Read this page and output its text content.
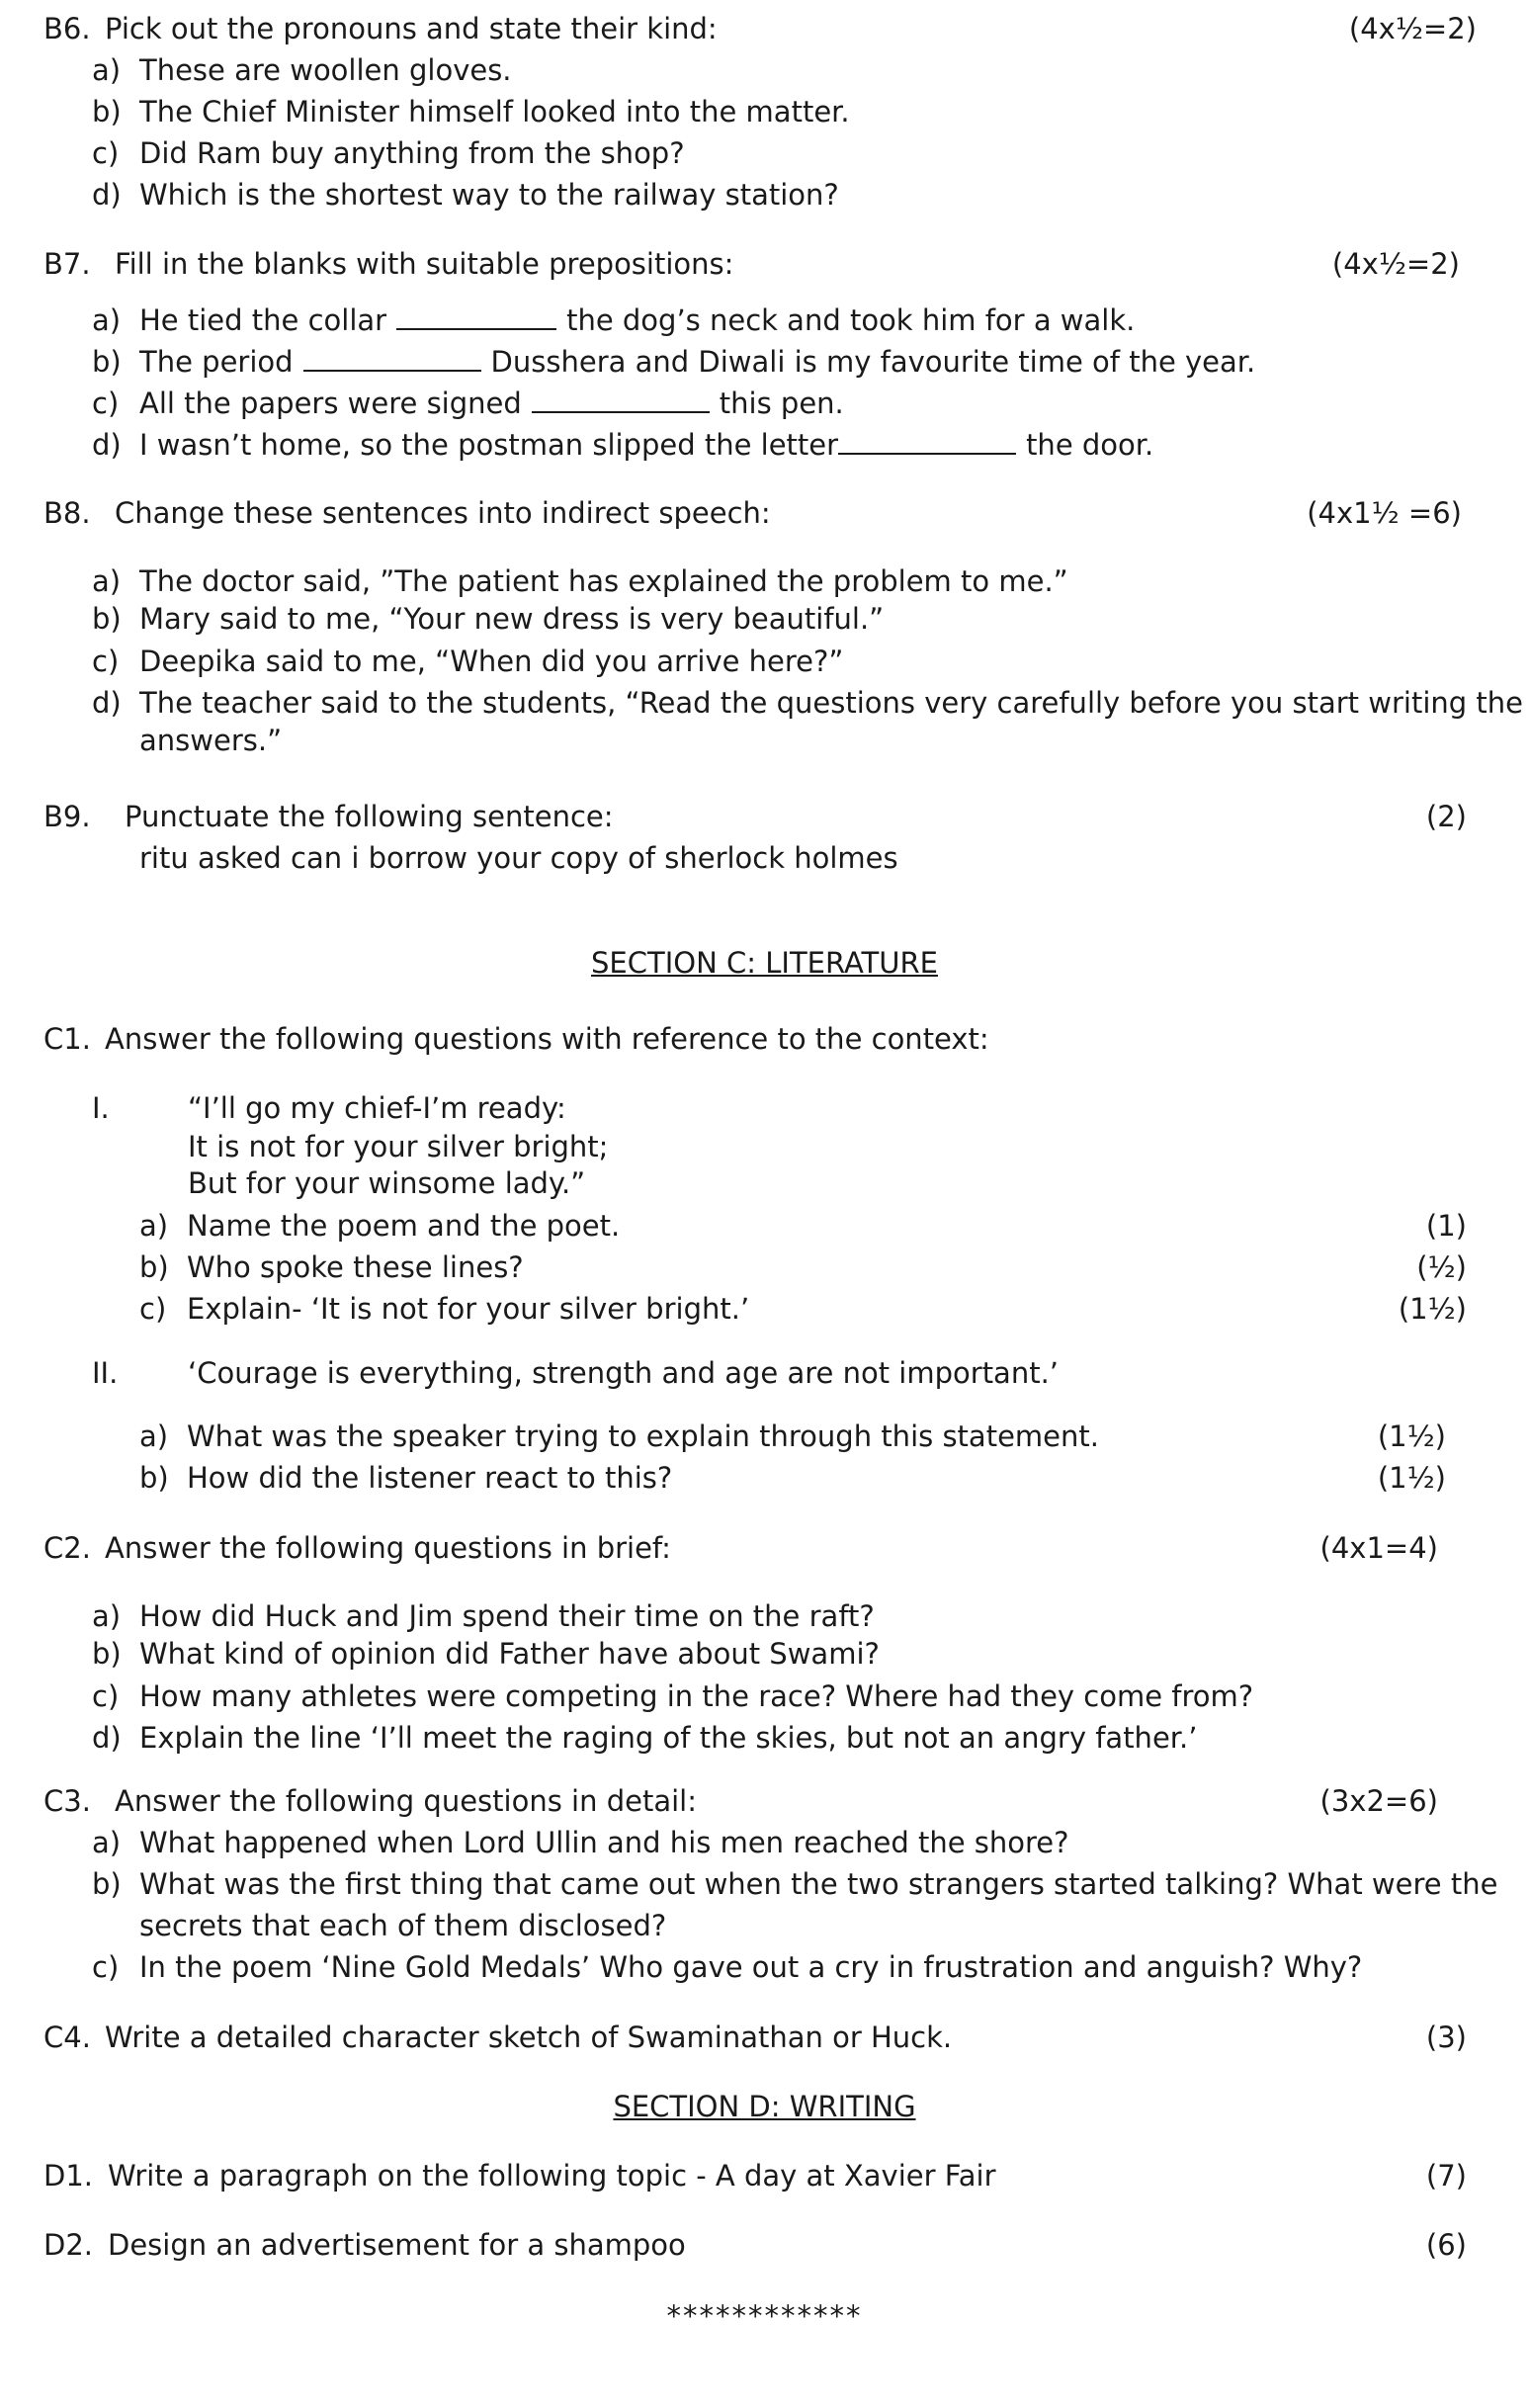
B6. Pick out the pronouns and state their kind:	(4x½=2)
a) These are woollen gloves.
b) The Chief Minister himself looked into the matter.
c) Did Ram buy anything from the shop?
d) Which is the shortest way to the railway station?
B7. Fill in the blanks with suitable prepositions:	(4x½=2)
a) He tied the collar	the dog’s neck and took him for a walk.
b) The period	Dusshera and Diwali is my favourite time of the year.
c) All the papers were signed	this pen.
d) I wasn’t home, so the postman slipped the letter	the door.
B8. Change these sentences into indirect speech:	(4x1½ =6)
a) The doctor said, ”The patient has explained the problem to me.”
b) Mary said to me, “Your new dress is very beautiful.”
c) Deepika said to me, “When did you arrive here?”
d) The teacher said to the students, “Read the questions very carefully before you start writing the
answers.”
B9. Punctuate the following sentence:	(2)
ritu asked can i borrow your copy of sherlock holmes
SECTION C: LITERATURE
C1. Answer the following questions with reference to the context:
I.	“I’ll go my chief-I’m ready:
It is not for your silver bright;
But for your winsome lady.”
a) Name the poem and the poet.	(1)
b) Who spoke these lines?	(½)
c) Explain- ‘It is not for your silver bright.’	(1½)
II. ‘Courage is everything, strength and age are not important.’
a) What was the speaker trying to explain through this statement.	(1½)
b) How did the listener react to this?	(1½)
C2. Answer the following questions in brief:	(4x1=4)
a) How did Huck and Jim spend their time on the raft?
b) What kind of opinion did Father have about Swami?
c) How many athletes were competing in the race? Where had they come from?
d) Explain the line ‘I’ll meet the raging of the skies, but not an angry father.’
C3. Answer the following questions in detail:	(3x2=6)
a) What happened when Lord Ullin and his men reached the shore?
b) What was the first thing that came out when the two strangers started talking? What were the
secrets that each of them disclosed?
c) In the poem ‘Nine Gold Medals’ Who gave out a cry in frustration and anguish? Why?
C4. Write a detailed character sketch of Swaminathan or Huck.	(3)
SECTION D: WRITING
D1. Write a paragraph on the following topic - A day at Xavier Fair	(7)
D2. Design an advertisement for a shampoo	(6)
************
